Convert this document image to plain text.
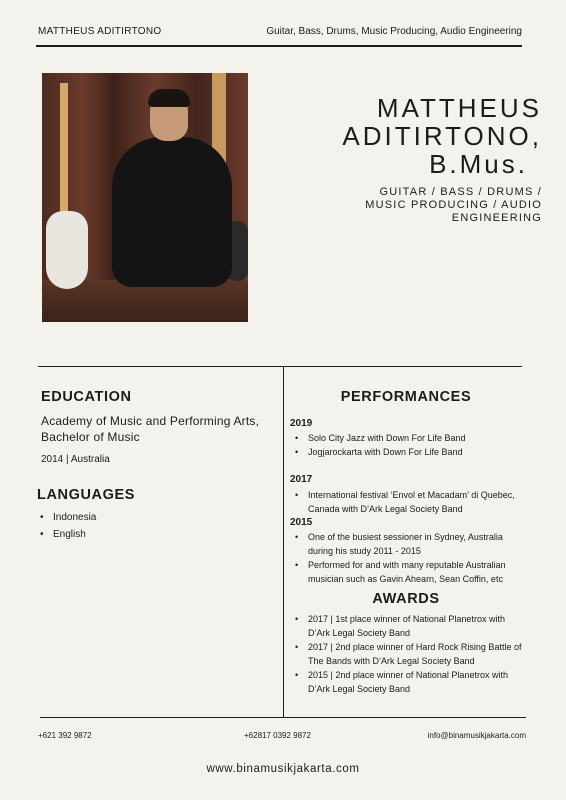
MATTHEUS ADITIRTONO	Guitar, Bass, Drums, Music Producing, Audio Engineering
MATTHEUS
ADITIRTONO,
B.Mus.
GUITAR / BASS / DRUMS /
MUSIC PRODUCING / AUDIO
ENGINEERING
EDUCATION
Academy of Music and Performing Arts, Bachelor of Music
2014 | Australia
LANGUAGES
• Indonesia
• English
PERFORMANCES
2019
• Solo City Jazz with Down For Life Band
• Jogjarockarta with Down For Life Band
2017
• International festival ‘Envol et Macadam’ di Quebec, Canada with D’Ark Legal Society Band
2015
• One of the busiest sessioner in Sydney, Australia during his study 2011 - 2015
• Performed for and with many reputable Australian musician such as Gavin Ahearn, Sean Coffin, etc
AWARDS
• 2017 | 1st place winner of National Planetrox with D’Ark Legal Society Band
• 2017 | 2nd place winner of Hard Rock Rising Battle of The Bands with D’Ark Legal Society Band
• 2015 | 2nd place winner of National Planetrox with D’Ark Legal Society Band
+621 392 9872	+62817 0392 9872	info@binamusikjakarta.com
www.binamusikjakarta.com
